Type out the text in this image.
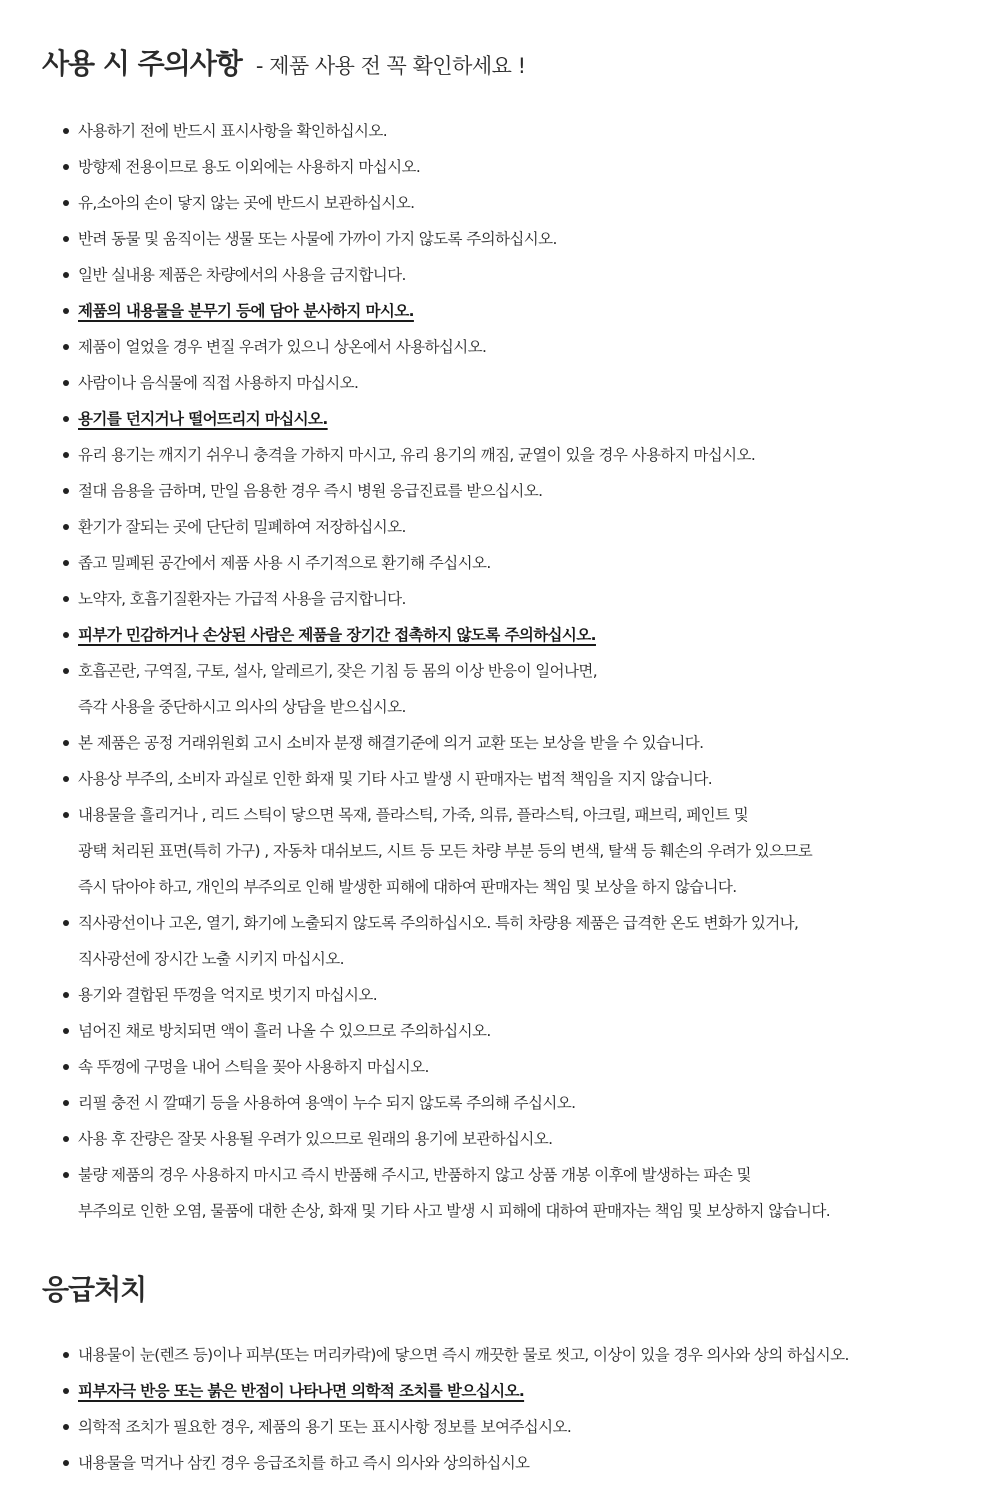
사용 시 주의사항 - 제품 사용 전 꼭 확인하세요 !
사용하기 전에 반드시 표시사항을 확인하십시오.
방향제 전용이므로 용도 이외에는 사용하지 마십시오.
유,소아의 손이 닿지 않는 곳에 반드시 보관하십시오.
반려 동물 및 움직이는 생물 또는 사물에 가까이 가지 않도록 주의하십시오.
일반 실내용 제품은 차량에서의 사용을 금지합니다.
제품의 내용물을 분무기 등에 담아 분사하지 마시오.
제품이 얼었을 경우 변질 우려가 있으니 상온에서 사용하십시오.
사람이나 음식물에 직접 사용하지 마십시오.
용기를 던지거나 떨어뜨리지 마십시오.
유리 용기는 깨지기 쉬우니 충격을 가하지 마시고, 유리 용기의 깨짐, 균열이 있을 경우 사용하지 마십시오.
절대 음용을 금하며, 만일 음용한 경우 즉시 병원 응급진료를 받으십시오.
환기가 잘되는 곳에 단단히 밀폐하여 저장하십시오.
좁고 밀폐된 공간에서 제품 사용 시 주기적으로 환기해 주십시오.
노약자, 호흡기질환자는 가급적 사용을 금지합니다.
피부가 민감하거나 손상된 사람은 제품을 장기간 접촉하지 않도록 주의하십시오.
호흡곤란, 구역질, 구토, 설사, 알레르기, 잦은 기침 등 몸의 이상 반응이 일어나면,
즉각 사용을 중단하시고 의사의 상담을 받으십시오.
본 제품은 공정 거래위원회 고시 소비자 분쟁 해결기준에 의거 교환 또는 보상을 받을 수 있습니다.
사용상 부주의, 소비자 과실로 인한 화재 및 기타 사고 발생 시 판매자는 법적 책임을 지지 않습니다.
내용물을 흘리거나 , 리드 스틱이 닿으면 목재, 플라스틱, 가죽, 의류, 플라스틱, 아크릴, 패브릭, 페인트 및
광택 처리된 표면(특히 가구) , 자동차 대쉬보드, 시트 등 모든 차량 부분 등의 변색, 탈색 등 훼손의 우려가 있으므로
즉시 닦아야 하고, 개인의 부주의로 인해 발생한 피해에 대하여 판매자는 책임 및 보상을 하지 않습니다.
직사광선이나 고온, 열기, 화기에 노출되지 않도록 주의하십시오. 특히 차량용 제품은 급격한 온도 변화가 있거나,
직사광선에 장시간 노출 시키지 마십시오.
용기와 결합된 뚜껑을 억지로 벗기지 마십시오.
넘어진 채로 방치되면 액이 흘러 나올 수 있으므로 주의하십시오.
속 뚜껑에 구멍을 내어 스틱을 꽂아 사용하지 마십시오.
리필 충전 시 깔때기 등을 사용하여 용액이 누수 되지 않도록 주의해 주십시오.
사용 후 잔량은 잘못 사용될 우려가 있으므로 원래의 용기에 보관하십시오.
불량 제품의 경우 사용하지 마시고 즉시 반품해 주시고, 반품하지 않고 상품 개봉 이후에 발생하는 파손 및
부주의로 인한 오염, 물품에 대한 손상, 화재 및 기타 사고 발생 시 피해에 대하여 판매자는 책임 및 보상하지 않습니다.
응급처치
내용물이 눈(렌즈 등)이나 피부(또는 머리카락)에 닿으면 즉시 깨끗한 물로 씻고, 이상이 있을 경우 의사와 상의 하십시오.
피부자극 반응 또는 붉은 반점이 나타나면 의학적 조치를 받으십시오.
의학적 조치가 필요한 경우, 제품의 용기 또는 표시사항 정보를 보여주십시오.
내용물을 먹거나 삼킨 경우 응급조치를 하고 즉시 의사와 상의하십시오
